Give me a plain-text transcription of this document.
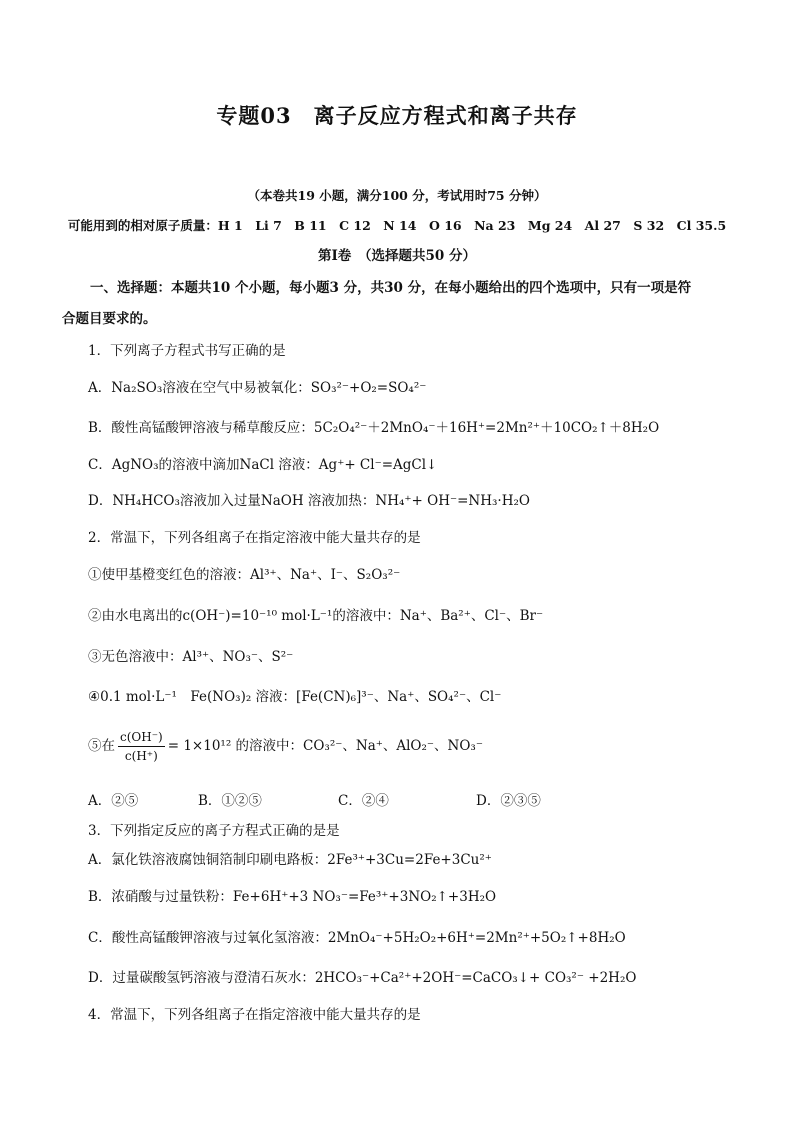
专题03　离子反应方程式和离子共存
（本卷共19 小题，满分100 分，考试用时75 分钟）
可能用到的相对原子质量：H 1　Li 7　B 11　C 12　N 14　O 16　Na 23　Mg 24　Al 27　S 32　Cl 35.5
第Ⅰ卷　（选择题共50 分）
一、选择题：本题共10 个小题，每小题3 分，共30 分，在每小题给出的四个选项中，只有一项是符
合题目要求的。
1．下列离子方程式书写正确的是
A．Na₂SO₃溶液在空气中易被氧化：SO₃²⁻+O₂=SO₄²⁻
B．酸性高锰酸钾溶液与稀草酸反应：5C₂O₄²⁻＋2MnO₄⁻＋16H⁺=2Mn²⁺＋10CO₂↑＋8H₂O
C．AgNO₃的溶液中滴加NaCl 溶液：Ag⁺+ Cl⁻=AgCl↓
D．NH₄HCO₃溶液加入过量NaOH 溶液加热：NH₄⁺+ OH⁻=NH₃·H₂O
2．常温下，下列各组离子在指定溶液中能大量共存的是
①使甲基橙变红色的溶液：Al³⁺、Na⁺、I⁻、S₂O₃²⁻
②由水电离出的c(OH⁻)=10⁻¹⁰ mol·L⁻¹的溶液中：Na⁺、Ba²⁺、Cl⁻、Br⁻
③无色溶液中：Al³⁺、NO₃⁻、S²⁻
④0.1 mol·L⁻¹　Fe(NO₃)₂ 溶液：[Fe(CN)₆]³⁻、Na⁺、SO₄²⁻、Cl⁻
⑤在 $\frac{c(OH^-)}{c(H^+)} = 1\times 10^{12}$ 的溶液中：CO₃²⁻、Na⁺、AlO₂⁻、NO₃⁻
A．②⑤	B．①②⑤	C．②④	D．②③⑤
3．下列指定反应的离子方程式正确的是是
A．氯化铁溶液腐蚀铜箔制印刷电路板：2Fe³⁺+3Cu=2Fe+3Cu²⁺
B．浓硝酸与过量铁粉：Fe+6H⁺+3 NO₃⁻=Fe³⁺+3NO₂↑+3H₂O
C．酸性高锰酸钾溶液与过氧化氢溶液：2MnO₄⁻+5H₂O₂+6H⁺=2Mn²⁺+5O₂↑+8H₂O
D．过量碳酸氢钙溶液与澄清石灰水：2HCO₃⁻+Ca²⁺+2OH⁻=CaCO₃↓+ CO₃²⁻ +2H₂O
4．常温下，下列各组离子在指定溶液中能大量共存的是
